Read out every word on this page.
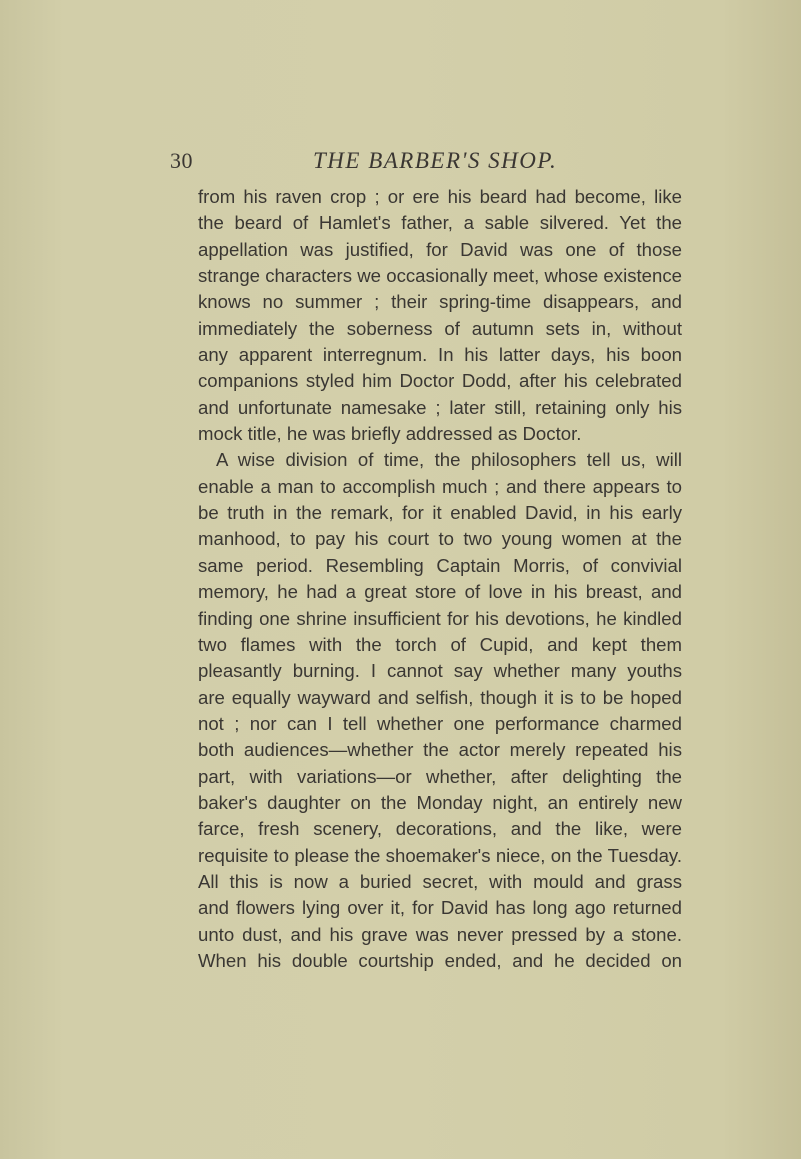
30	THE BARBER'S SHOP.
from his raven crop ; or ere his beard had become, like
the beard of Hamlet's father, a sable silvered. Yet the
appellation was justified, for David was one of those
strange characters we occasionally meet, whose existence
knows no summer ; their spring-time disappears, and
immediately the soberness of autumn sets in, without
any apparent interregnum. In his latter days, his boon
companions styled him Doctor Dodd, after his celebrated
and unfortunate namesake ; later still, retaining only his
mock title, he was briefly addressed as Doctor.
A wise division of time, the philosophers tell us, will
enable a man to accomplish much ; and there appears to
be truth in the remark, for it enabled David, in his early
manhood, to pay his court to two young women at the
same period. Resembling Captain Morris, of convivial
memory, he had a great store of love in his breast, and
finding one shrine insufficient for his devotions, he kindled
two flames with the torch of Cupid, and kept them
pleasantly burning. I cannot say whether many youths
are equally wayward and selfish, though it is to be hoped
not ; nor can I tell whether one performance charmed
both audiences—whether the actor merely repeated his
part, with variations—or whether, after delighting the
baker's daughter on the Monday night, an entirely new
farce, fresh scenery, decorations, and the like, were
requisite to please the shoemaker's niece, on the Tuesday.
All this is now a buried secret, with mould and grass
and flowers lying over it, for David has long ago returned
unto dust, and his grave was never pressed by a stone.
When his double courtship ended, and he decided on
